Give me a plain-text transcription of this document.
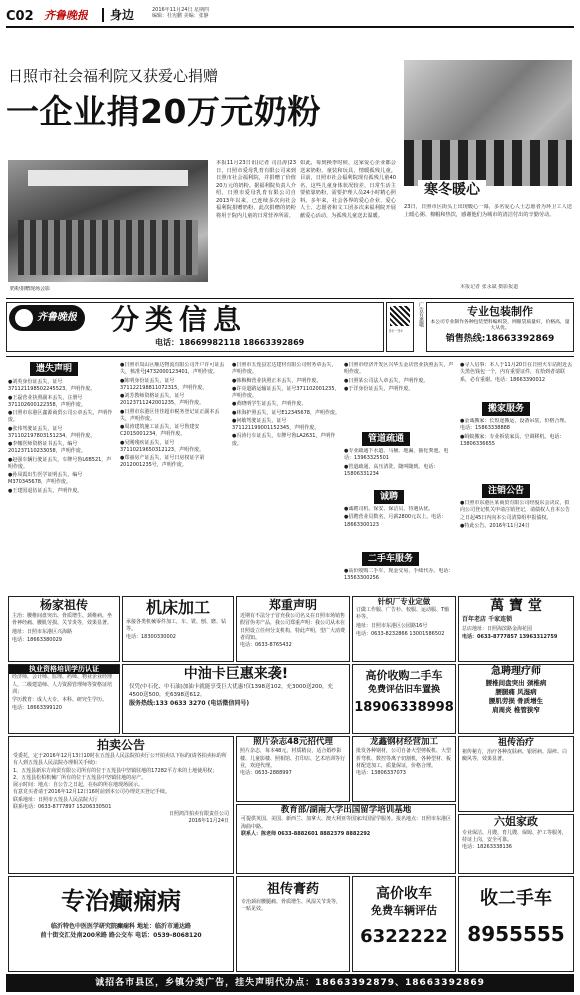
C02 齐鲁晚报 身边	2016年11月24日 星期四
编辑：杜宪鹏 美编：张静
日照市社会福利院又获爱心捐赠
一企业捐20万元奶粉
奶粉捐赠现场会影
本报11月23日讯(记者 司昌涛)23日，日照市爱母乳育有限公司来到日照市社会福利院，并捐赠了价值20万元的奶粉。据福利院负责人介绍，日照市爱母乳育有限公司自2013年以来，已连续多次向社会福利院捐赠奶粉，此次捐赠的奶粉将用于院内儿童的日常营养所需。
如此，每到换季时候，这家爱心企业都会送来奶粉、童装和玩具，情暖孤残儿童。目前，日照市社会福利院现有孤残儿童40名，这些儿童身体状况较差，日常生活主要依靠奶粉，需要护理人员24小时精心照料。多年来，社会各界的爱心企业、爱心人士、志愿者和文工团多次来福利院开展献爱心活动，为孤残儿童送去温暖。
寒冬暖心
23日，日照市区街头上出现暖心一幕，多名爱心人士志愿者为环卫工人送上暖心粥、棉帽和热饮，感谢他们为城市的清洁付出的辛勤劳动。
本报记者 张永斌 摄影报道
齐鲁晚报 分类信息
电话：18669982118 18663392869
扫一扫
广告有惠哦	专业包装制作
本公司专业制作各种包装塑料编织袋，网眼袋质量好，价格高，量大从优。
销售热线:18663392869
遗失声明

●刘英身份证丢失，证号371121198502245523，声明作废。

●王磊营业执照副本丢失，注册号371102600122358，声明作废。

●日照市东港区鑫源商贸公司公章丢失，声明作废。

●张伟驾驶证丢失，证号371102197803151234，声明作废。

●李娜医师资格证书丢失，编号201237110233058，声明作废。

●赵强车辆行驶证丢失，车牌号鲁L6B521，声明作废。

●孙凤霞出生医学证明丢失，编号M370345678，声明作废。

●王建国退伍证丢失，声明作废。

●日照市岚山区顺达物流有限公司开户许可证丢失，核准号J4732000123401，声明作废。

●陈明身份证丢失，证号371122198811072315，声明作废。

●刘芳教师资格证丢失，证号20123711242001235，声明作废。

●日照市东港区佳佳超市税务登记证正副本丢失，声明作废。

●周涛建筑施工证丢失，证号鲁建安C2015001234，声明作废。

●吴刚残疾证丢失，证号37110219650312123，声明作废。

●郑丽房产证丢失，证号日房权证字第2012001235号，声明作废。

●日照市五莲县宏达建材有限公司财务章丢失，声明作废。

●韩梅梅营业执照正本丢失，声明作废。

●许亮道路运输证丢失，证号371102001235，声明作废。

●黄晓明学生证丢失，声明作废。

●林海护照丢失，证号E12345678，声明作废。

●何敏驾驶证丢失，证号371121199001152345，声明作废。

●冯涛行车证丢失，车牌号鲁LA2631，声明作废。

●日照市经济开发区兴华五金店营业执照丢失，声明作废。

●日照某公司法人章丢失，声明作废。

●于洋身份证丢失，声明作废。

管道疏通

●专业疏通下水道、马桶、地漏，抽化粪池。电话：13963325501

●管道疏通，高压清洗，随叫随到。电话：15806331234

诚聘

●诚聘司机、保安、保洁员，待遇从优。

●招聘营业员数名，月薪2800元以上。电话：18663300123

二手车服务

●高价收购二手车，现金交易，手续代办。电话：13563300256

●寻人启事：本人于11月20日在日照火车站附近丢失黑色钱包一个，内有重要证件，有拾到者请联系，必有重谢。电话：18663390012

搬家服务

●金诚搬家：长短途搬运，设备吊装，价格合理。电话：15863338888

●蚂蚁搬家：专业拆装家具，空调移机。电话：13806336655

注销公告

●日照市东港区某商贸有限公司经股东会决议，拟向公司登记机关申请注销登记，请债权人自本公告之日起45日内向本公司清算组申报债权。

●特此公告。2016年11月24日

杨家祖传

主治：腰椎间盘突出、骨质增生、颈椎病、坐骨神经痛、腰肌劳损、关节炎等，效果显著。

地址：日照市东港区兴海路

电话：18663380029

机床加工

承接各类机械零件加工，车、铣、刨、磨、钻等。

电话：18300330002

郑重声明
近期有不法分子冒充我公司名义在日照市场销售假冒伪劣产品，我公司郑重声明：我公司从未在日照设立任何分支机构，特此声明，望广大消费者周知。
电话：0633-8765432
针织厂专业定做

订做工作服、广告衫、校服、运动服、T恤衫等。

地址：日照市东港区公园路16号

电话：0633-8232866 13001586502

萬 寶 堂

百年老店 千家连锁

总店地址：日照海滨路金海花园

电话：0633-8777857 13963312759

执业资格培训学历认证

经济师、会计师、监理、药师、物业企业经理人、二级建造师、人力资源管理师等资格证培训；

学历教育：成人大专、本科、研究生学历。

电话：18663399120

中油卡巨惠来袭!
仅凭(中石化、中石油)加油卡就能享受巨大优惠!仅1398送102，充3000送200，充4500送500，充6398送612。
服务热线:133 0633 3270 (电话微信同号)
高价收购二手车
免费评估旧车置换
18906338998
急聘理疗师
腰椎间盘突出 颈椎病
腰腿痛 风湿病
腰肌劳损 骨质增生
肩周炎 椎管狭窄
拍卖公告
受委托，定于2016年12月13日10时在五莲县人民法院拍卖厅公开拍卖以下标的(请各拍卖标的所有人到五莲县人民法院办理相关手续)：
1、五莲县新东方商贸有限公司所有的位于五莲县中坚镇驻地的17282平方米的土地使用权；
2、五莲县松柏机械厂所有的位于五莲县中坚镇驻地的房产。
展示时间：地点：自公告之日起，在标的所在地现场展示。
有意竞买者请于2016年12月12日16时前到本公司办理竞买登记手续。
联系地址：日照市五莲县人民法院大厅
联系电话：0633-8777897 15206330501
日照鸿洋拍卖有限责任公司
2016年11月24日
照片杂志48元招代理
照片杂志，每本48元，材质精良，适合婚纱影楼、儿童影楼、照相馆、打印店、艺术培训等行业，欢迎代理。
电话：0633-2888997
龙鑫钢材经营加工
批发各种钢材，公司自备大型剪板机、大型折弯机、数控等离子切割机，各种型材、板材配送加工，质量保证，价格合理。
电话：13806337073
祖传治疗
祖传秘方，治疗各种皮肤病、银屑病、湿疹、白癜风等，效果显著。
教育部/湖南大学出国留学培训基地
可提供英国、美国、新西兰、加拿大、澳大利亚等国家出国留学服务。报名地点：日照市东港区海曲中路。
联系人：陈老师 0633-8882601 8882379 8882292
六姐家政
专业保洁、月嫂、育儿嫂、保姆、护工等服务，持证上岗，安全可靠。
电话：18263338136
专治癫痫病
临沂特色中医医学研究院癫痫科 地址：临沂市通达路
前十街交汇处南200米路 路公交车 电话：0539-8068120
祖传膏药
专治颈肩腰腿痛、骨质增生、风湿关节炎等，一贴见效。
高价收车
免费车辆评估
6322222
收二手车
8955555
诚招各市县区，乡镇分类广告，挂失声明代办点：18663392879、18663392869
